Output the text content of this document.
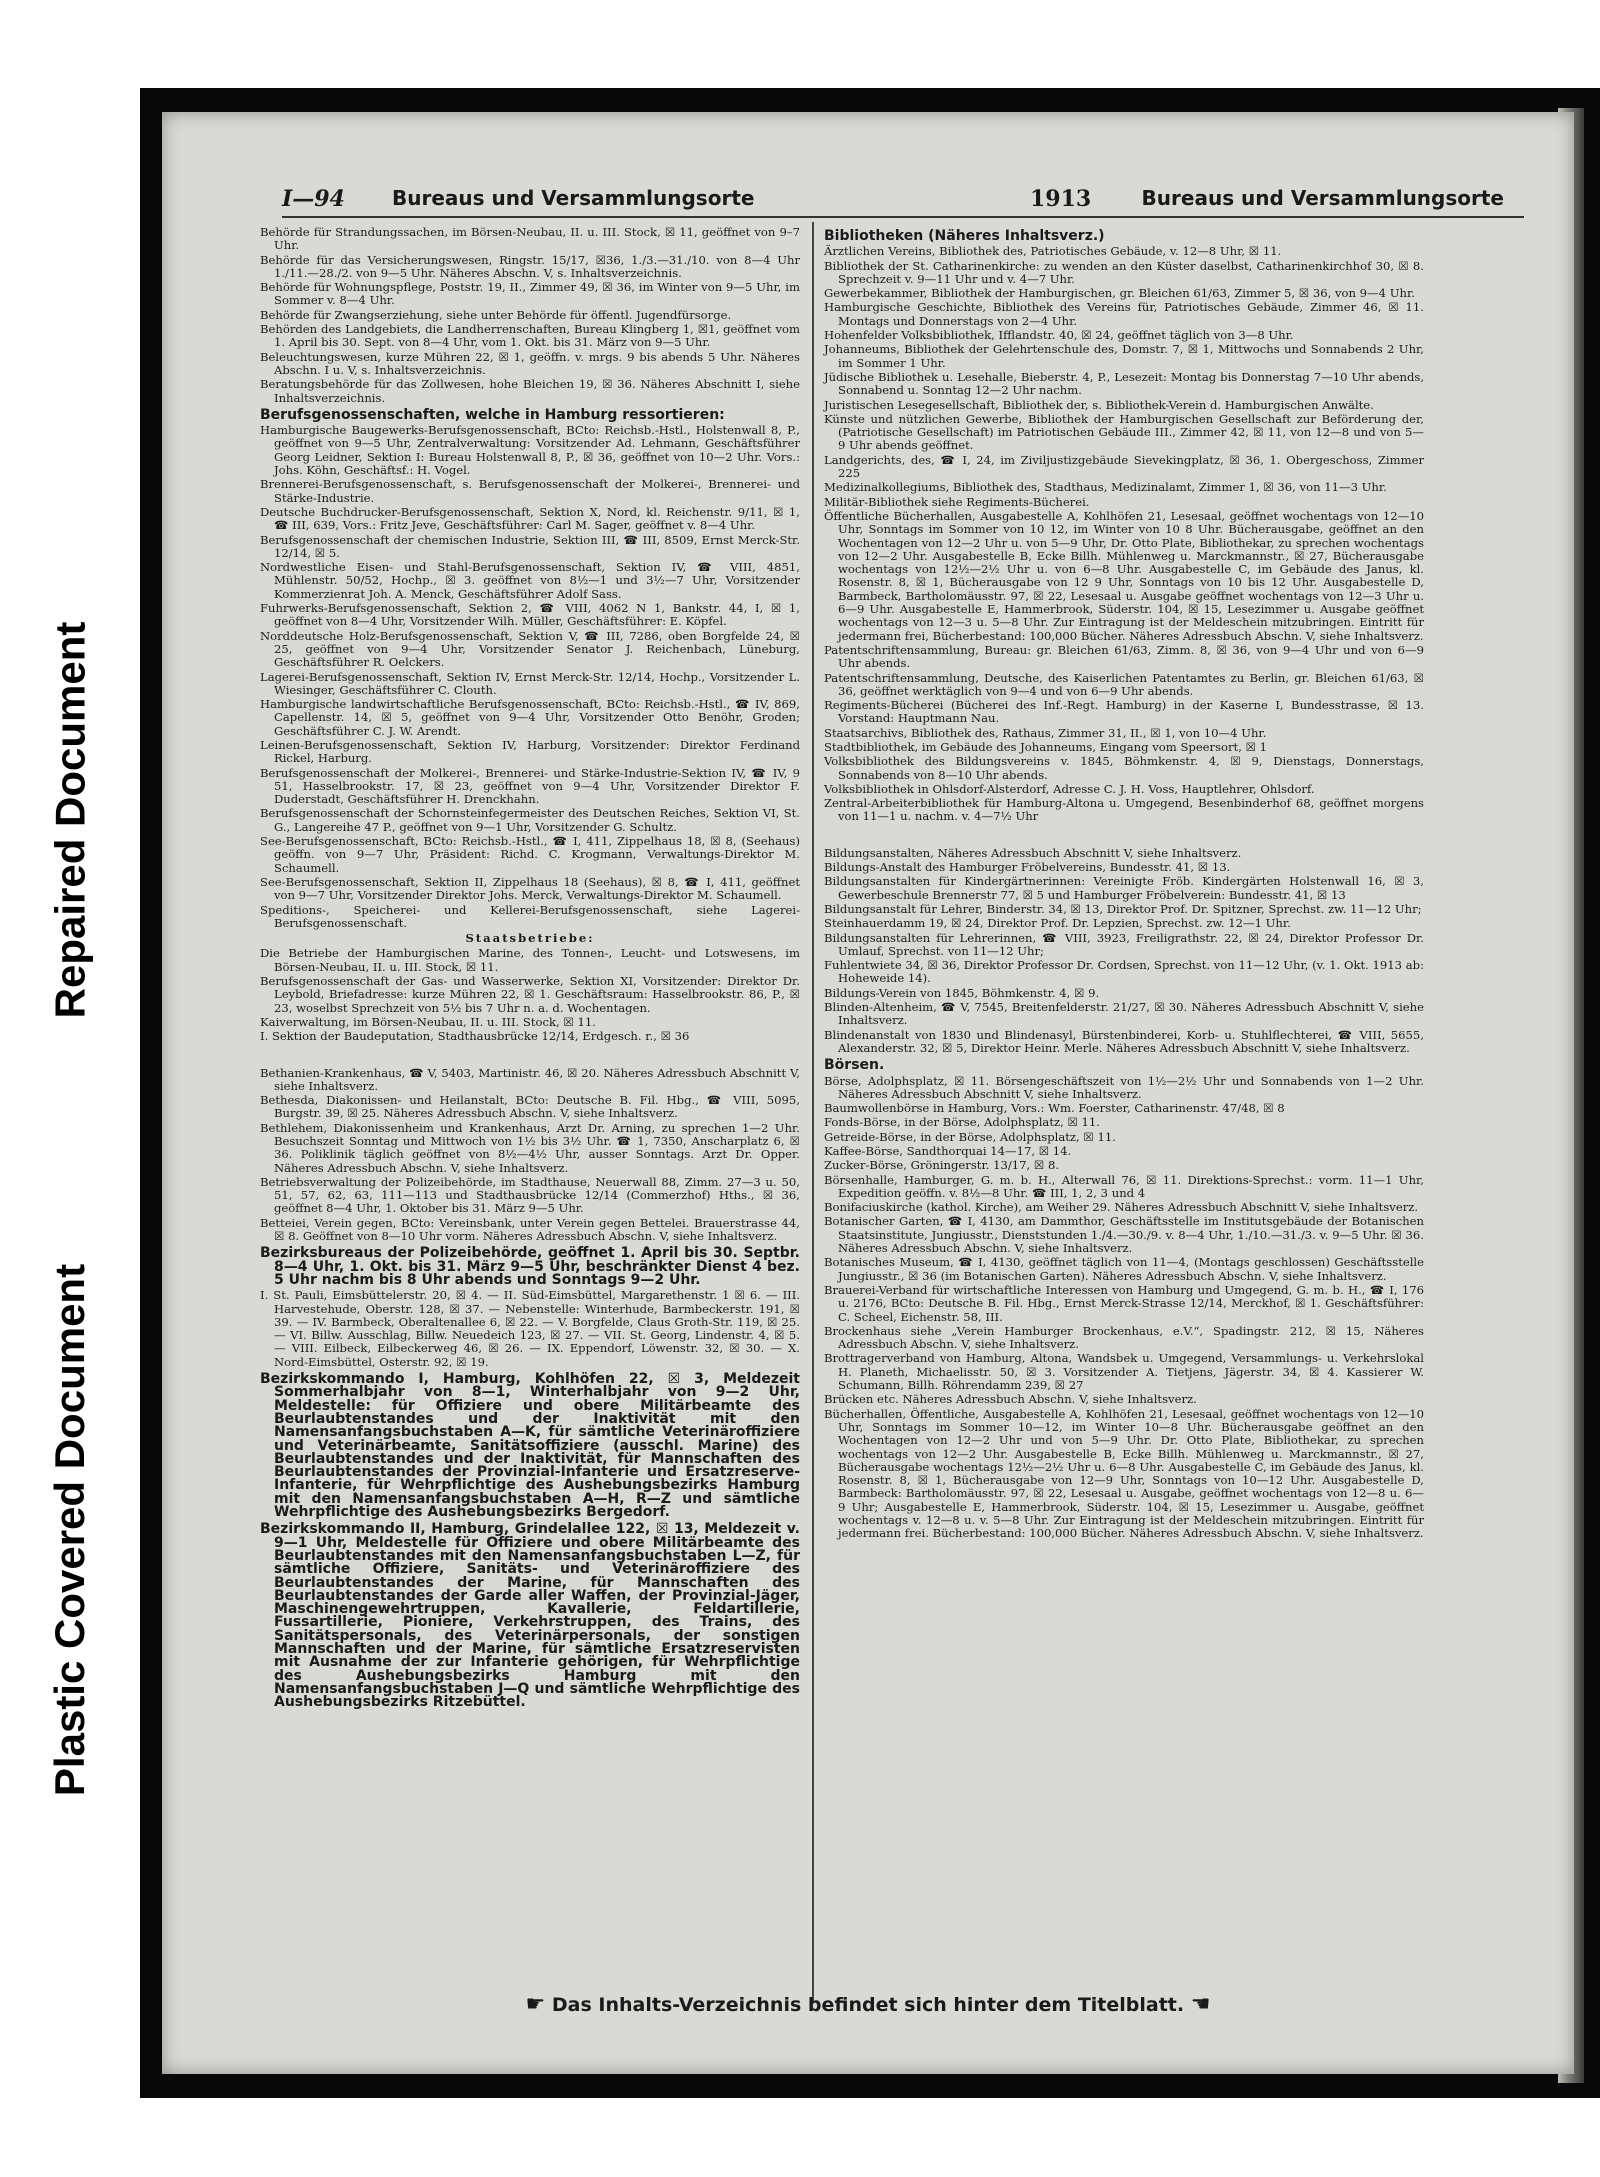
Repaired Document
Plastic Covered Document
I—94 Bureaus und Versammlungsorte	1913	Bureaus und Versammlungsorte

Behörde für Strandungssachen, im Börsen-Neubau, II. u. III. Stock, ☒ 11, geöffnet von 9–7 Uhr.

Behörde für das Versicherungswesen, Ringstr. 15/17, ☒36, 1./3.—31./10. von 8—4 Uhr 1./11.—28./2. von 9—5 Uhr. Näheres Abschn. V, s. Inhaltsverzeichnis.

Behörde für Wohnungspflege, Poststr. 19, II., Zimmer 49, ☒ 36, im Winter von 9—5 Uhr, im Sommer v. 8—4 Uhr.

Behörde für Zwangserziehung, siehe unter Behörde für öffentl. Jugendfürsorge.

Behörden des Landgebiets, die Landherrenschaften, Bureau Klingberg 1, ☒1, geöffnet vom 1. April bis 30. Sept. von 8—4 Uhr, vom 1. Okt. bis 31. März von 9—5 Uhr.

Beleuchtungswesen, kurze Mühren 22, ☒ 1, geöffn. v. mrgs. 9 bis abends 5 Uhr. Näheres Abschn. I u. V, s. Inhaltsverzeichnis.

Beratungsbehörde für das Zollwesen, hohe Bleichen 19, ☒ 36. Näheres Abschnitt I, siehe Inhaltsverzeichnis.

Berufsgenossenschaften, welche in Hamburg ressortieren:

Hamburgische Baugewerks-Berufsgenossenschaft, BCto: Reichsb.-Hstl., Holstenwall 8, P., geöffnet von 9—5 Uhr, Zentralverwaltung: Vorsitzender Ad. Lehmann, Geschäftsführer Georg Leidner, Sektion I: Bureau Holstenwall 8, P., ☒ 36, geöffnet von 10—2 Uhr. Vors.: Johs. Köhn, Geschäftsf.: H. Vogel.

Brennerei-Berufsgenossenschaft, s. Berufsgenossenschaft der Molkerei-, Brennerei- und Stärke-Industrie.

Deutsche Buchdrucker-Berufsgenossenschaft, Sektion X, Nord, kl. Reichenstr. 9/11, ☒ 1, ☎ III, 639, Vors.: Fritz Jeve, Geschäftsführer: Carl M. Sager, geöffnet v. 8—4 Uhr.

Berufsgenossenschaft der chemischen Industrie, Sektion III, ☎ III, 8509, Ernst Merck-Str. 12/14, ☒ 5.

Nordwestliche Eisen- und Stahl-Berufsgenossenschaft, Sektion IV, ☎ VIII, 4851, Mühlenstr. 50/52, Hochp., ☒ 3. geöffnet von 8½—1 und 3½—7 Uhr, Vorsitzender Kommerzienrat Joh. A. Menck, Geschäftsführer Adolf Sass.

Fuhrwerks-Berufsgenossenschaft, Sektion 2, ☎ VIII, 4062 N 1, Bankstr. 44, I, ☒ 1, geöffnet von 8—4 Uhr, Vorsitzender Wilh. Müller, Geschäftsführer: E. Köpfel.

Norddeutsche Holz-Berufsgenossenschaft, Sektion V, ☎ III, 7286, oben Borgfelde 24, ☒ 25, geöffnet von 9—4 Uhr, Vorsitzender Senator J. Reichenbach, Lüneburg, Geschäftsführer R. Oelckers.

Lagerei-Berufsgenossenschaft, Sektion IV, Ernst Merck-Str. 12/14, Hochp., Vorsitzender L. Wiesinger, Geschäftsführer C. Clouth.

Hamburgische landwirtschaftliche Berufsgenossenschaft, BCto: Reichsb.-Hstl., ☎ IV, 869, Capellenstr. 14, ☒ 5, geöffnet von 9—4 Uhr, Vorsitzender Otto Benöhr, Groden; Geschäftsführer C. J. W. Arendt.

Leinen-Berufsgenossenschaft, Sektion IV, Harburg, Vorsitzender: Direktor Ferdinand Rickel, Harburg.

Berufsgenossenschaft der Molkerei-, Brennerei- und Stärke-Industrie-Sektion IV, ☎ IV, 9 51, Hasselbrookstr. 17, ☒ 23, geöffnet von 9—4 Uhr, Vorsitzender Direktor F. Duderstadt, Geschäftsführer H. Drenckhahn.

Berufsgenossenschaft der Schornsteinfegermeister des Deutschen Reiches, Sektion VI, St. G., Langereihe 47 P., geöffnet von 9—1 Uhr, Vorsitzender G. Schultz.

See-Berufsgenossenschaft, BCto: Reichsb.-Hstl., ☎ I, 411, Zippelhaus 18, ☒ 8, (Seehaus) geöffn. von 9—7 Uhr, Präsident: Richd. C. Krogmann, Verwaltungs-Direktor M. Schaumell.

See-Berufsgenossenschaft, Sektion II, Zippelhaus 18 (Seehaus), ☒ 8, ☎ I, 411, geöffnet von 9—7 Uhr, Vorsitzender Direktor Johs. Merck, Verwaltungs-Direktor M. Schaumell.

Speditions-, Speicherei- und Kellerei-Berufsgenossenschaft, siehe Lagerei-Berufsgenossenschaft.

Staatsbetriebe:

Die Betriebe der Hamburgischen Marine, des Tonnen-, Leucht- und Lotswesens, im Börsen-Neubau, II. u. III. Stock, ☒ 11.

Berufsgenossenschaft der Gas- und Wasserwerke, Sektion XI, Vorsitzender: Direktor Dr. Leybold, Briefadresse: kurze Mühren 22, ☒ 1. Geschäftsraum: Hasselbrookstr. 86, P., ☒ 23, woselbst Sprechzeit von 5½ bis 7 Uhr n. a. d. Wochentagen.

Kaiverwaltung, im Börsen-Neubau, II. u. III. Stock, ☒ 11.

I. Sektion der Baudeputation, Stadthausbrücke 12/14, Erdgesch. r., ☒ 36

Bethanien-Krankenhaus, ☎ V, 5403, Martinistr. 46, ☒ 20. Näheres Adressbuch Abschnitt V, siehe Inhaltsverz.

Bethesda, Diakonissen- und Heilanstalt, BCto: Deutsche B. Fil. Hbg., ☎ VIII, 5095, Burgstr. 39, ☒ 25. Näheres Adressbuch Abschn. V, siehe Inhaltsverz.

Bethlehem, Diakonissenheim und Krankenhaus, Arzt Dr. Arning, zu sprechen 1—2 Uhr. Besuchszeit Sonntag und Mittwoch von 1½ bis 3½ Uhr. ☎ 1, 7350, Anscharplatz 6, ☒ 36. Poliklinik täglich geöffnet von 8½—4½ Uhr, ausser Sonntags. Arzt Dr. Opper. Näheres Adressbuch Abschn. V, siehe Inhaltsverz.

Betriebsverwaltung der Polizeibehörde, im Stadthause, Neuerwall 88, Zimm. 27—3 u. 50, 51, 57, 62, 63, 111—113 und Stadthausbrücke 12/14 (Commerzhof) Hths., ☒ 36, geöffnet 8—4 Uhr, 1. Oktober bis 31. März 9—5 Uhr.

Betteiei, Verein gegen, BCto: Vereinsbank, unter Verein gegen Bettelei. Brauerstrasse 44, ☒ 8. Geöffnet von 8—10 Uhr vorm. Näheres Adressbuch Abschn. V, siehe Inhaltsverz.

Bezirksbureaus der Polizeibehörde, geöffnet 1. April bis 30. Septbr. 8—4 Uhr, 1. Okt. bis 31. März 9—5 Uhr, beschränkter Dienst 4 bez. 5 Uhr nachm bis 8 Uhr abends und Sonntags 9—2 Uhr.

I. St. Pauli, Eimsbüttelerstr. 20, ☒ 4. — II. Süd-Eimsbüttel, Margarethenstr. 1 ☒ 6. — III. Harvestehude, Oberstr. 128, ☒ 37. — Nebenstelle: Winterhude, Barmbeckerstr. 191, ☒ 39. — IV. Barmbeck, Oberaltenallee 6, ☒ 22. — V. Borgfelde, Claus Groth-Str. 119, ☒ 25. — VI. Billw. Ausschlag, Billw. Neuedeich 123, ☒ 27. — VII. St. Georg, Lindenstr. 4, ☒ 5. — VIII. Eilbeck, Eilbeckerweg 46, ☒ 26. — IX. Eppendorf, Löwenstr. 32, ☒ 30. — X. Nord-Eimsbüttel, Osterstr. 92, ☒ 19.

Bezirkskommando I, Hamburg, Kohlhöfen 22, ☒ 3, Meldezeit Sommerhalbjahr von 8—1, Winterhalbjahr von 9—2 Uhr, Meldestelle: für Offiziere und obere Militärbeamte des Beurlaubtenstandes und der Inaktivität mit den Namensanfangsbuchstaben A—K, für sämtliche Veterinäroffiziere und Veterinärbeamte, Sanitätsoffiziere (ausschl. Marine) des Beurlaubtenstandes und der Inaktivität, für Mannschaften des Beurlaubtenstandes der Provinzial-Infanterie und Ersatzreserve-Infanterie, für Wehrpflichtige des Aushebungsbezirks Hamburg mit den Namensanfangsbuchstaben A—H, R—Z und sämtliche Wehrpflichtige des Aushebungsbezirks Bergedorf.

Bezirkskommando II, Hamburg, Grindelallee 122, ☒ 13, Meldezeit v. 9—1 Uhr, Meldestelle für Offiziere und obere Militärbeamte des Beurlaubtenstandes mit den Namensanfangsbuchstaben L—Z, für sämtliche Offiziere, Sanitäts- und Veterinäroffiziere des Beurlaubtenstandes der Marine, für Mannschaften des Beurlaubtenstandes der Garde aller Waffen, der Provinzial-Jäger, Maschinengewehrtruppen, Kavallerie, Feldartillerie, Fussartillerie, Pioniere, Verkehrstruppen, des Trains, des Sanitätspersonals, des Veterinärpersonals, der sonstigen Mannschaften und der Marine, für sämtliche Ersatzreservisten mit Ausnahme der zur Infanterie gehörigen, für Wehrpflichtige des Aushebungsbezirks Hamburg mit den Namensanfangsbuchstaben J—Q und sämtliche Wehrpflichtige des Aushebungsbezirks Ritzebüttel.

Bibliotheken (Näheres Inhaltsverz.)

Ärztlichen Vereins, Bibliothek des, Patriotisches Gebäude, v. 12—8 Uhr, ☒ 11.

Bibliothek der St. Catharinenkirche: zu wenden an den Küster daselbst, Catharinenkirchhof 30, ☒ 8. Sprechzeit v. 9—11 Uhr und v. 4—7 Uhr.

Gewerbekammer, Bibliothek der Hamburgischen, gr. Bleichen 61/63, Zimmer 5, ☒ 36, von 9—4 Uhr.

Hamburgische Geschichte, Bibliothek des Vereins für, Patriotisches Gebäude, Zimmer 46, ☒ 11. Montags und Donnerstags von 2—4 Uhr.

Hohenfelder Volksbibliothek, Ifflandstr. 40, ☒ 24, geöffnet täglich von 3—8 Uhr.

Johanneums, Bibliothek der Gelehrtenschule des, Domstr. 7, ☒ 1, Mittwochs und Sonnabends 2 Uhr, im Sommer 1 Uhr.

Jüdische Bibliothek u. Lesehalle, Bieberstr. 4, P., Lesezeit: Montag bis Donnerstag 7—10 Uhr abends, Sonnabend u. Sonntag 12—2 Uhr nachm.

Juristischen Lesegesellschaft, Bibliothek der, s. Bibliothek-Verein d. Hamburgischen Anwälte.

Künste und nützlichen Gewerbe, Bibliothek der Hamburgischen Gesellschaft zur Beförderung der, (Patriotische Gesellschaft) im Patriotischen Gebäude III., Zimmer 42, ☒ 11, von 12—8 und von 5—9 Uhr abends geöffnet.

Landgerichts, des, ☎ I, 24, im Ziviljustizgebäude Sievekingplatz, ☒ 36, 1. Obergeschoss, Zimmer 225

Medizinalkollegiums, Bibliothek des, Stadthaus, Medizinalamt, Zimmer 1, ☒ 36, von 11—3 Uhr.

Militär-Bibliothek siehe Regiments-Bücherei.

Öffentliche Bücherhallen, Ausgabestelle A, Kohlhöfen 21, Lesesaal, geöffnet wochentags von 12—10 Uhr, Sonntags im Sommer von 10 12, im Winter von 10 8 Uhr. Bücherausgabe, geöffnet an den Wochentagen von 12—2 Uhr u. von 5—9 Uhr, Dr. Otto Plate, Bibliothekar, zu sprechen wochentags von 12—2 Uhr. Ausgabestelle B, Ecke Billh. Mühlenweg u. Marckmannstr., ☒ 27, Bücherausgabe wochentags von 12½—2½ Uhr u. von 6—8 Uhr. Ausgabestelle C, im Gebäude des Janus, kl. Rosenstr. 8, ☒ 1, Bücherausgabe von 12 9 Uhr, Sonntags von 10 bis 12 Uhr. Ausgabestelle D, Barmbeck, Bartholomäusstr. 97, ☒ 22, Lesesaal u. Ausgabe geöffnet wochentags von 12—3 Uhr u. 6—9 Uhr. Ausgabestelle E, Hammerbrook, Süderstr. 104, ☒ 15, Lesezimmer u. Ausgabe geöffnet wochentags von 12—3 u. 5—8 Uhr. Zur Eintragung ist der Meldeschein mitzubringen. Eintritt für jedermann frei, Bücherbestand: 100,000 Bücher. Näheres Adressbuch Abschn. V, siehe Inhaltsverz.

Patentschriftensammlung, Bureau: gr. Bleichen 61/63, Zimm. 8, ☒ 36, von 9—4 Uhr und von 6—9 Uhr abends.

Patentschriftensammlung, Deutsche, des Kaiserlichen Patentamtes zu Berlin, gr. Bleichen 61/63, ☒ 36, geöffnet werktäglich von 9—4 und von 6—9 Uhr abends.

Regiments-Bücherei (Bücherei des Inf.-Regt. Hamburg) in der Kaserne I, Bundesstrasse, ☒ 13. Vorstand: Hauptmann Nau.

Staatsarchivs, Bibliothek des, Rathaus, Zimmer 31, II., ☒ 1, von 10—4 Uhr.

Stadtbibliothek, im Gebäude des Johanneums, Eingang vom Speersort, ☒ 1

Volksbibliothek des Bildungsvereins v. 1845, Böhmkenstr. 4, ☒ 9, Dienstags, Donnerstags, Sonnabends von 8—10 Uhr abends.

Volksbibliothek in Ohlsdorf-Alsterdorf, Adresse C. J. H. Voss, Hauptlehrer, Ohlsdorf.

Zentral-Arbeiterbibliothek für Hamburg-Altona u. Umgegend, Besenbinderhof 68, geöffnet morgens von 11—1 u. nachm. v. 4—7½ Uhr

Bildungsanstalten, Näheres Adressbuch Abschnitt V, siehe Inhaltsverz.

Bildungs-Anstalt des Hamburger Fröbelvereins, Bundesstr. 41, ☒ 13.

Bildungsanstalten für Kindergärtnerinnen: Vereinigte Fröb. Kindergärten Holstenwall 16, ☒ 3, Gewerbeschule Brennerstr 77, ☒ 5 und Hamburger Fröbelverein: Bundesstr. 41, ☒ 13

Bildungsanstalt für Lehrer, Binderstr. 34, ☒ 13, Direktor Prof. Dr. Spitzner, Sprechst. zw. 11—12 Uhr;

Steinhauerdamm 19, ☒ 24, Direktor Prof. Dr. Lepzien, Sprechst. zw. 12—1 Uhr.

Bildungsanstalten für Lehrerinnen, ☎ VIII, 3923, Freiligrathstr. 22, ☒ 24, Direktor Professor Dr. Umlauf, Sprechst. von 11—12 Uhr;

Fuhlentwiete 34, ☒ 36, Direktor Professor Dr. Cordsen, Sprechst. von 11—12 Uhr, (v. 1. Okt. 1913 ab: Hoheweide 14).

Bildungs-Verein von 1845, Böhmkenstr. 4, ☒ 9.

Blinden-Altenheim, ☎ V, 7545, Breitenfelderstr. 21/27, ☒ 30. Näheres Adressbuch Abschnitt V, siehe Inhaltsverz.

Blindenanstalt von 1830 und Blindenasyl, Bürstenbinderei, Korb- u. Stuhlflechterei, ☎ VIII, 5655, Alexanderstr. 32, ☒ 5, Direktor Heinr. Merle. Näheres Adressbuch Abschnitt V, siehe Inhaltsverz.

Börsen.

Börse, Adolphsplatz, ☒ 11. Börsengeschäftszeit von 1½—2½ Uhr und Sonnabends von 1—2 Uhr. Näheres Adressbuch Abschnitt V, siehe Inhaltsverz.

Baumwollenbörse in Hamburg, Vors.: Wm. Foerster, Catharinenstr. 47/48, ☒ 8

Fonds-Börse, in der Börse, Adolphsplatz, ☒ 11.

Getreide-Börse, in der Börse, Adolphsplatz, ☒ 11.

Kaffee-Börse, Sandthorquai 14—17, ☒ 14.

Zucker-Börse, Gröningerstr. 13/17, ☒ 8.

Börsenhalle, Hamburger, G. m. b. H., Alterwall 76, ☒ 11. Direktions-Sprechst.: vorm. 11—1 Uhr, Expedition geöffn. v. 8½—8 Uhr. ☎ III, 1, 2, 3 und 4

Bonifaciuskirche (kathol. Kirche), am Weiher 29. Näheres Adressbuch Abschnitt V, siehe Inhaltsverz.

Botanischer Garten, ☎ I, 4130, am Dammthor, Geschäftsstelle im Institutsgebäude der Botanischen Staatsinstitute, Jungiusstr., Dienststunden 1./4.—30./9. v. 8—4 Uhr, 1./10.—31./3. v. 9—5 Uhr. ☒ 36. Näheres Adressbuch Abschn. V, siehe Inhaltsverz.

Botanisches Museum, ☎ I, 4130, geöffnet täglich von 11—4, (Montags geschlossen) Geschäftsstelle Jungiusstr., ☒ 36 (im Botanischen Garten). Näheres Adressbuch Abschn. V, siehe Inhaltsverz.

Brauerei-Verband für wirtschaftliche Interessen von Hamburg und Umgegend, G. m. b. H., ☎ I, 176 u. 2176, BCto: Deutsche B. Fil. Hbg., Ernst Merck-Strasse 12/14, Merckhof, ☒ 1. Geschäftsführer: C. Scheel, Eichenstr. 58, III.

Brockenhaus siehe „Verein Hamburger Brockenhaus, e.V.“, Spadingstr. 212, ☒ 15, Näheres Adressbuch Abschn. V, siehe Inhaltsverz.

Brottragerverband von Hamburg, Altona, Wandsbek u. Umgegend, Versammlungs- u. Verkehrslokal H. Planeth, Michaelisstr. 50, ☒ 3. Vorsitzender A. Tietjens, Jägerstr. 34, ☒ 4. Kassierer W. Schumann, Billh. Röhrendamm 239, ☒ 27

Brücken etc. Näheres Adressbuch Abschn. V, siehe Inhaltsverz.

Bücherhallen, Öffentliche, Ausgabestelle A, Kohlhöfen 21, Lesesaal, geöffnet wochentags von 12—10 Uhr, Sonntags im Sommer 10—12, im Winter 10—8 Uhr. Bücherausgabe geöffnet an den Wochentagen von 12—2 Uhr und von 5—9 Uhr. Dr. Otto Plate, Bibliothekar, zu sprechen wochentags von 12—2 Uhr. Ausgabestelle B, Ecke Billh. Mühlenweg u. Marckmannstr., ☒ 27, Bücherausgabe wochentags 12½—2½ Uhr u. 6—8 Uhr. Ausgabestelle C, im Gebäude des Janus, kl. Rosenstr. 8, ☒ 1, Bücherausgabe von 12—9 Uhr, Sonntags von 10—12 Uhr. Ausgabestelle D, Barmbeck: Bartholomäusstr. 97, ☒ 22, Lesesaal u. Ausgabe, geöffnet wochentags von 12—8 u. 6—9 Uhr; Ausgabestelle E, Hammerbrook, Süderstr. 104, ☒ 15, Lesezimmer u. Ausgabe, geöffnet wochentags v. 12—8 u. v. 5—8 Uhr. Zur Eintragung ist der Meldeschein mitzubringen. Eintritt für jedermann frei. Bücherbestand: 100,000 Bücher. Näheres Adressbuch Abschn. V, siehe Inhaltsverz.

☛ Das Inhalts-Verzeichnis befindet sich hinter dem Titelblatt. ☚
